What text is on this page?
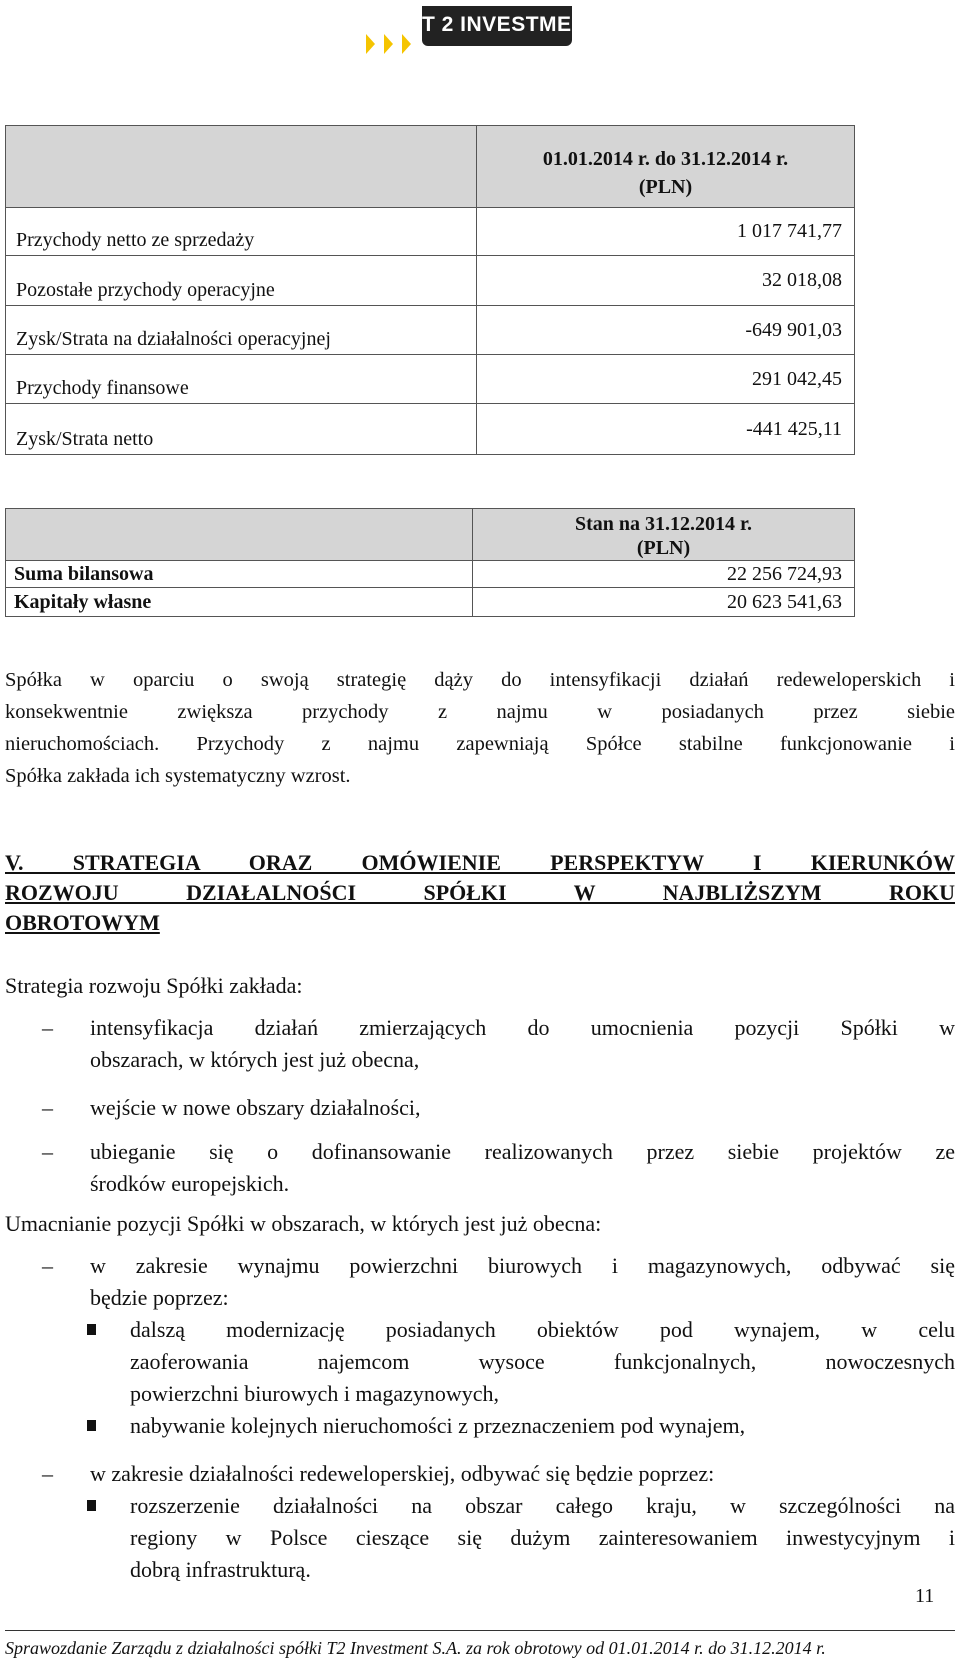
T 2 INVESTMENT

	01.01.2014 r. do 31.12.2014 r.
(PLN)

Przychody netto ze sprzedaży	1 017 741,77
Pozostałe przychody operacyjne	32 018,08
Zysk/Strata na działalności operacyjnej	-649 901,03
Przychody finansowe	291 042,45
Zysk/Strata netto	-441 425,11

	Stan na 31.12.2014 r.
(PLN)

Suma bilansowa	22 256 724,93
Kapitały własne	20 623 541,63
Spółka w oparciu o swoją strategię dąży do intensyfikacji działań redeweloperskich i
konsekwentnie zwiększa przychody z najmu w posiadanych przez siebie
nieruchomościach. Przychody z najmu zapewniają Spółce stabilne funkcjonowanie i
Spółka zakłada ich systematyczny wzrost.
V. STRATEGIA ORAZ OMÓWIENIE PERSPEKTYW I KIERUNKÓW
ROZWOJU DZIAŁALNOŚCI SPÓŁKI W NAJBLIŻSZYM ROKU
OBROTOWYM
Strategia rozwoju Spółki zakłada:
– intensyfikacja działań zmierzających do umocnienia pozycji Spółki w
obszarach, w których jest już obecna,
– wejście w nowe obszary działalności,
– ubieganie się o dofinansowanie realizowanych przez siebie projektów ze
środków europejskich.
Umacnianie pozycji Spółki w obszarach, w których jest już obecna:
– w zakresie wynajmu powierzchni biurowych i magazynowych, odbywać się
będzie poprzez:
dalszą modernizację posiadanych obiektów pod wynajem, w celu
zaoferowania najemcom wysoce funkcjonalnych, nowoczesnych
powierzchni biurowych i magazynowych,
nabywanie kolejnych nieruchomości z przeznaczeniem pod wynajem,
– w zakresie działalności redeweloperskiej, odbywać się będzie poprzez:
rozszerzenie działalności na obszar całego kraju, w szczególności na
regiony w Polsce cieszące się dużym zainteresowaniem inwestycyjnym i
dobrą infrastrukturą.
11
Sprawozdanie Zarządu z działalności spółki T2 Investment S.A. za rok obrotowy od 01.01.2014 r. do 31.12.2014 r.
